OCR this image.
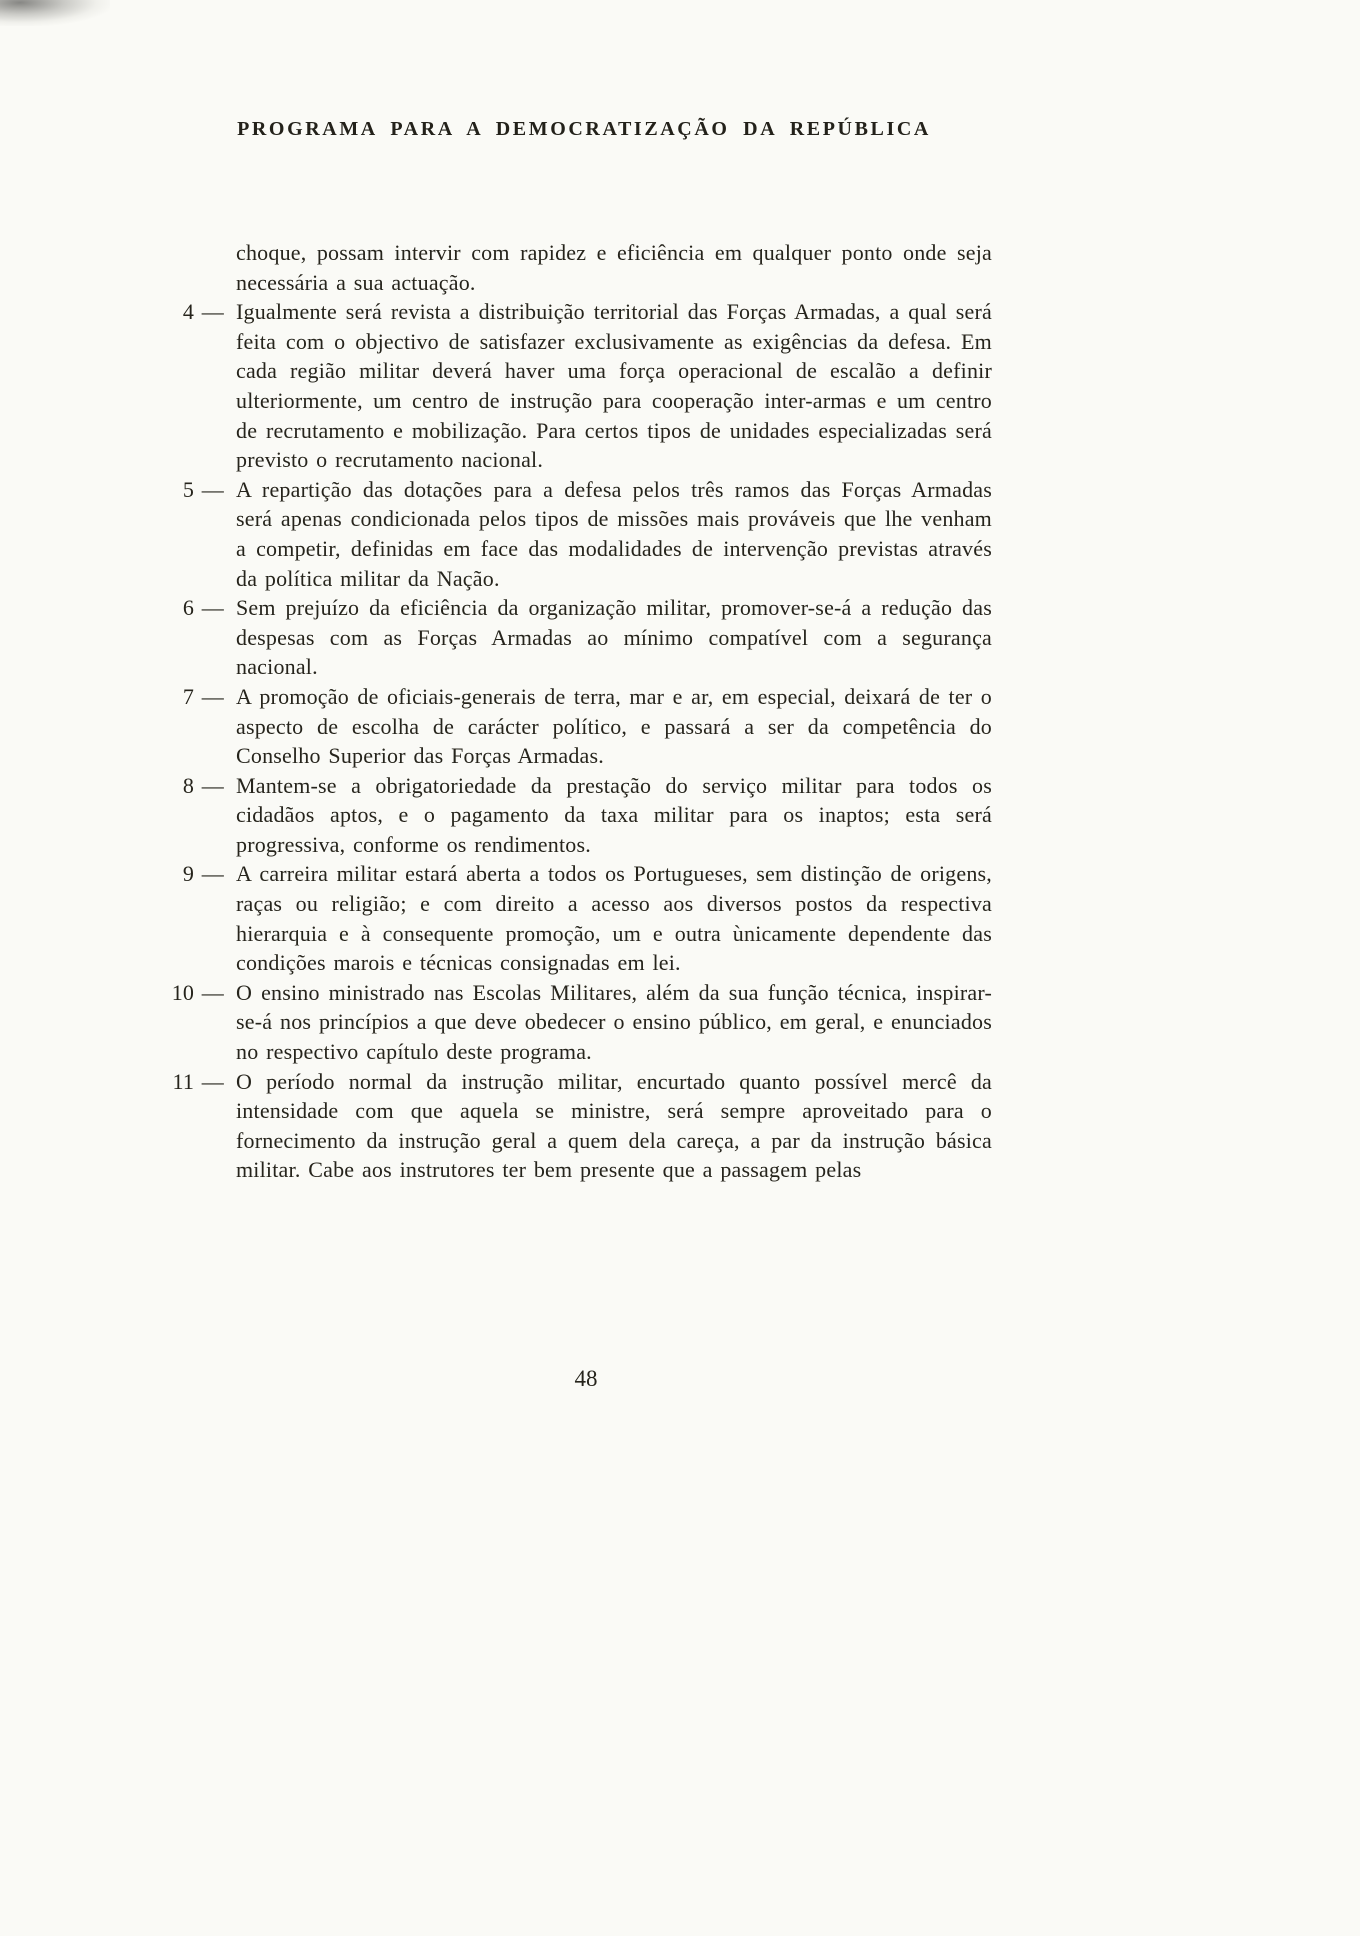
PROGRAMA PARA A DEMOCRATIZAÇÃO DA REPÚBLICA

choque, possam intervir com rapidez e eficiência em qualquer ponto onde seja necessária a sua actuação.

4 — Igualmente será revista a distribuição territorial das Forças Armadas, a qual será feita com o objectivo de satisfazer exclusivamente as exigências da defesa. Em cada região militar deverá haver uma força operacional de escalão a definir ulteriormente, um centro de instrução para cooperação inter-armas e um centro de recrutamento e mobilização. Para certos tipos de unidades especializadas será previsto o recrutamento nacional.

5 — A repartição das dotações para a defesa pelos três ramos das Forças Armadas será apenas condicionada pelos tipos de missões mais prováveis que lhe venham a competir, definidas em face das modalidades de intervenção previstas através da política militar da Nação.

6 — Sem prejuízo da eficiência da organização militar, promover-se-á a redução das despesas com as Forças Armadas ao mínimo compatível com a segurança nacional.

7 — A promoção de oficiais-generais de terra, mar e ar, em especial, deixará de ter o aspecto de escolha de carácter político, e passará a ser da competência do Conselho Superior das Forças Armadas.

8 — Mantem-se a obrigatoriedade da prestação do serviço militar para todos os cidadãos aptos, e o pagamento da taxa militar para os inaptos; esta será progressiva, conforme os rendimentos.

9 — A carreira militar estará aberta a todos os Portugueses, sem distinção de origens, raças ou religião; e com direito a acesso aos diversos postos da respectiva hierarquia e à consequente promoção, um e outra ùnicamente dependente das condições marois e técnicas consignadas em lei.

10 — O ensino ministrado nas Escolas Militares, além da sua função técnica, inspirar-se-á nos princípios a que deve obedecer o ensino público, em geral, e enunciados no respectivo capítulo deste programa.

11 — O período normal da instrução militar, encurtado quanto possível mercê da intensidade com que aquela se ministre, será sempre aproveitado para o fornecimento da instrução geral a quem dela careça, a par da instrução básica militar. Cabe aos instrutores ter bem presente que a passagem pelas

48
